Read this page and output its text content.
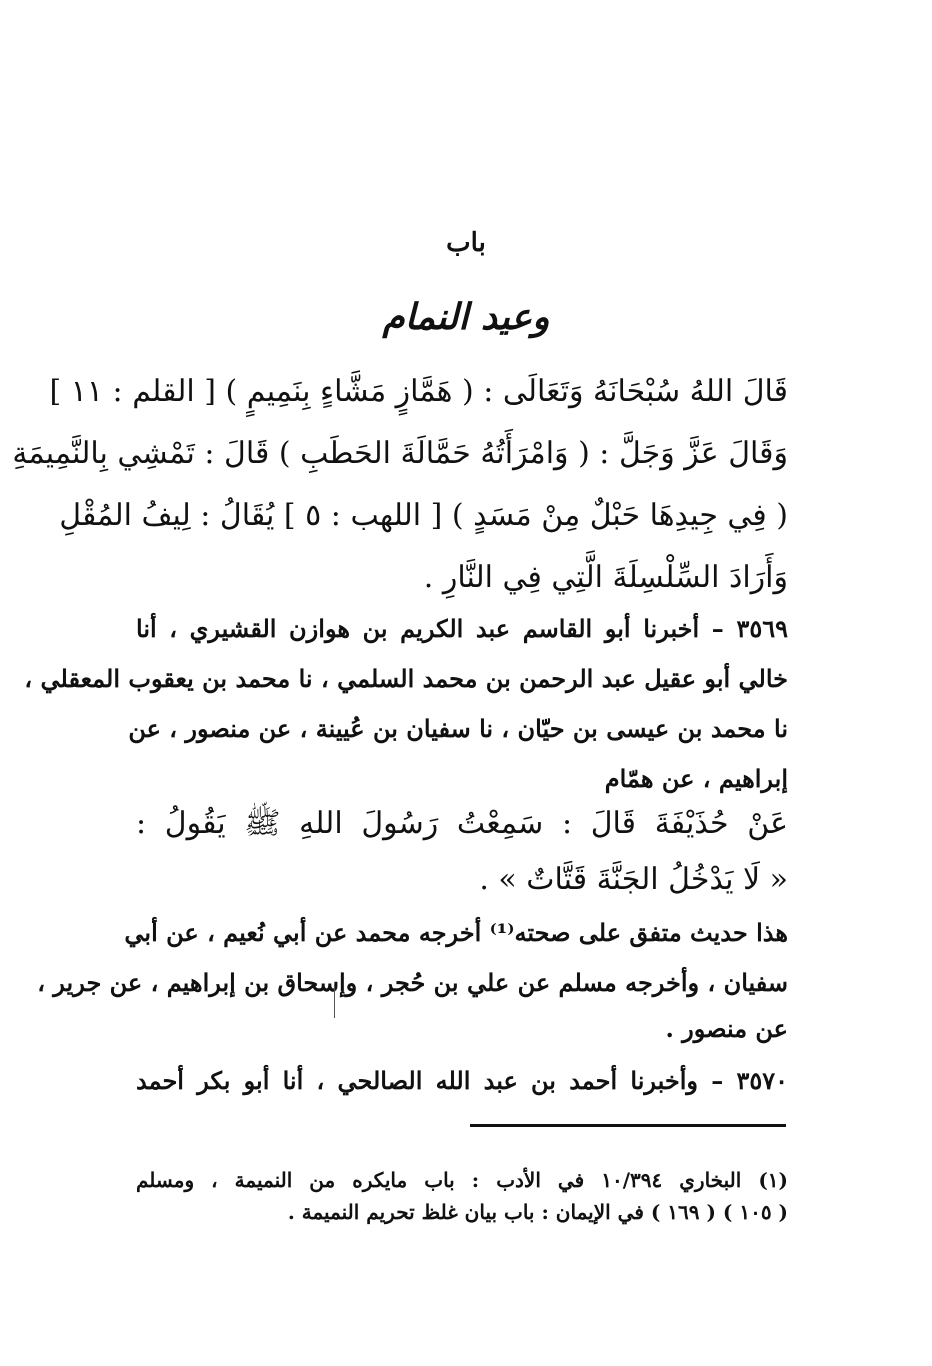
باب
وعيد النمام
قَالَ اللهُ سُبْحَانَهُ وَتَعَالَى : ( هَمَّازٍ مَشَّاءٍ بِنَمِيمٍ ) [ القلم : ١١ ]
وَقَالَ عَزَّ وَجَلَّ : ( وَامْرَأَتُهُ حَمَّالَةَ الحَطَبِ ) قَالَ : تَمْشِي بِالنَّمِيمَةِ
( فِي جِيدِهَا حَبْلٌ مِنْ مَسَدٍ ) [ اللهب : ٥ ] يُقَالُ : لِيفُ المُقْلِ
وَأَرَادَ السِّلْسِلَةَ الَّتِي فِي النَّارِ .
٣٥٦٩ – أخبرنا أبو القاسم عبد الكريم بن هوازن القشيري ، أنا
خالي أبو عقيل عبد الرحمن بن محمد السلمي ، نا محمد بن يعقوب المعقلي ،
نا محمد بن عيسى بن حيّان ، نا سفيان بن عُيينة ، عن منصور ، عن
إبراهيم ، عن همّام
عَنْ حُذَيْفَةَ قَالَ : سَمِعْتُ رَسُولَ اللهِ ﷺ يَقُولُ :
« لَا يَدْخُلُ الجَنَّةَ قَتَّاتٌ » .
هذا حديث متفق على صحته⁽¹⁾ أخرجه محمد عن أبي نُعيم ، عن أبي
سفيان ، وأخرجه مسلم عن علي بن حُجر ، وإسحاق بن إبراهيم ، عن جرير ،
عن منصور .
٣٥٧٠ – وأخبرنا أحمد بن عبد الله الصالحي ، أنا أبو بكر أحمد
(١) البخاري ١٠/٣٩٤ في الأدب : باب مايكره من النميمة ، ومسلم
( ١٠٥ ) ( ١٦٩ ) في الإيمان : باب بيان غلظ تحريم النميمة .
